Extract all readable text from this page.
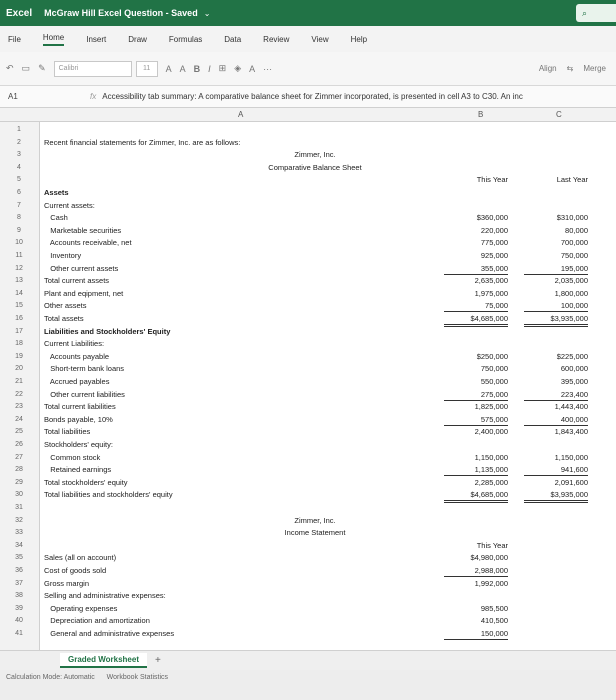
Excel McGraw Hill Excel Question - Saved ⌄	⌕
File	Home	Insert	Draw	Formulas	Data	Review	View	Help
↶ ▭ ✎	Calibri	11	A A B I ⊞ ◈ A ···	Align ⇆ Merge
A1	fx Accessibility tab summary: A comparative balance sheet for Zimmer incorporated, is presented in cell A3 to C30. An inc
A	B	C
1
2	Recent financial statements for Zimmer, Inc. are as follows:
3	Zimmer, Inc.
4	Comparative Balance Sheet
5	This Year	Last Year
6	Assets
7	Current assets:
8	Cash	$360,000	$310,000
9	Marketable securities	220,000	80,000
10	Accounts receivable, net	775,000	700,000
11	Inventory	925,000	750,000
12	Other current assets	355,000	195,000
13	Total current assets	2,635,000	2,035,000
14	Plant and eqipment, net	1,975,000	1,800,000
15	Other assets	75,000	100,000
16	Total assets	$4,685,000	$3,935,000
17	Liabilities and Stockholders' Equity
18	Current Liabilities:
19	Accounts payable	$250,000	$225,000
20	Short-term bank loans	750,000	600,000
21	Accrued payables	550,000	395,000
22	Other current liabilities	275,000	223,400
23	Total current liabilities	1,825,000	1,443,400
24	Bonds payable, 10%	575,000	400,000
25	Total liabilities	2,400,000	1,843,400
26	Stockholders' equity:
27	Common stock	1,150,000	1,150,000
28	Retained earnings	1,135,000	941,600
29	Total stockholders' equity	2,285,000	2,091,600
30	Total liabilities and stockholders' equity	$4,685,000	$3,935,000
31
32	Zimmer, Inc.
33	Income Statement
34	This Year
35	Sales (all on account)	$4,980,000
36	Cost of goods sold	2,988,000
37	Gross margin	1,992,000
38	Selling and administrative expenses:
39	Operating expenses	985,500
40	Depreciation and amortization	410,500
41	General and administrative expenses	150,000
Graded Worksheet	+
Calculation Mode: Automatic Workbook Statistics
